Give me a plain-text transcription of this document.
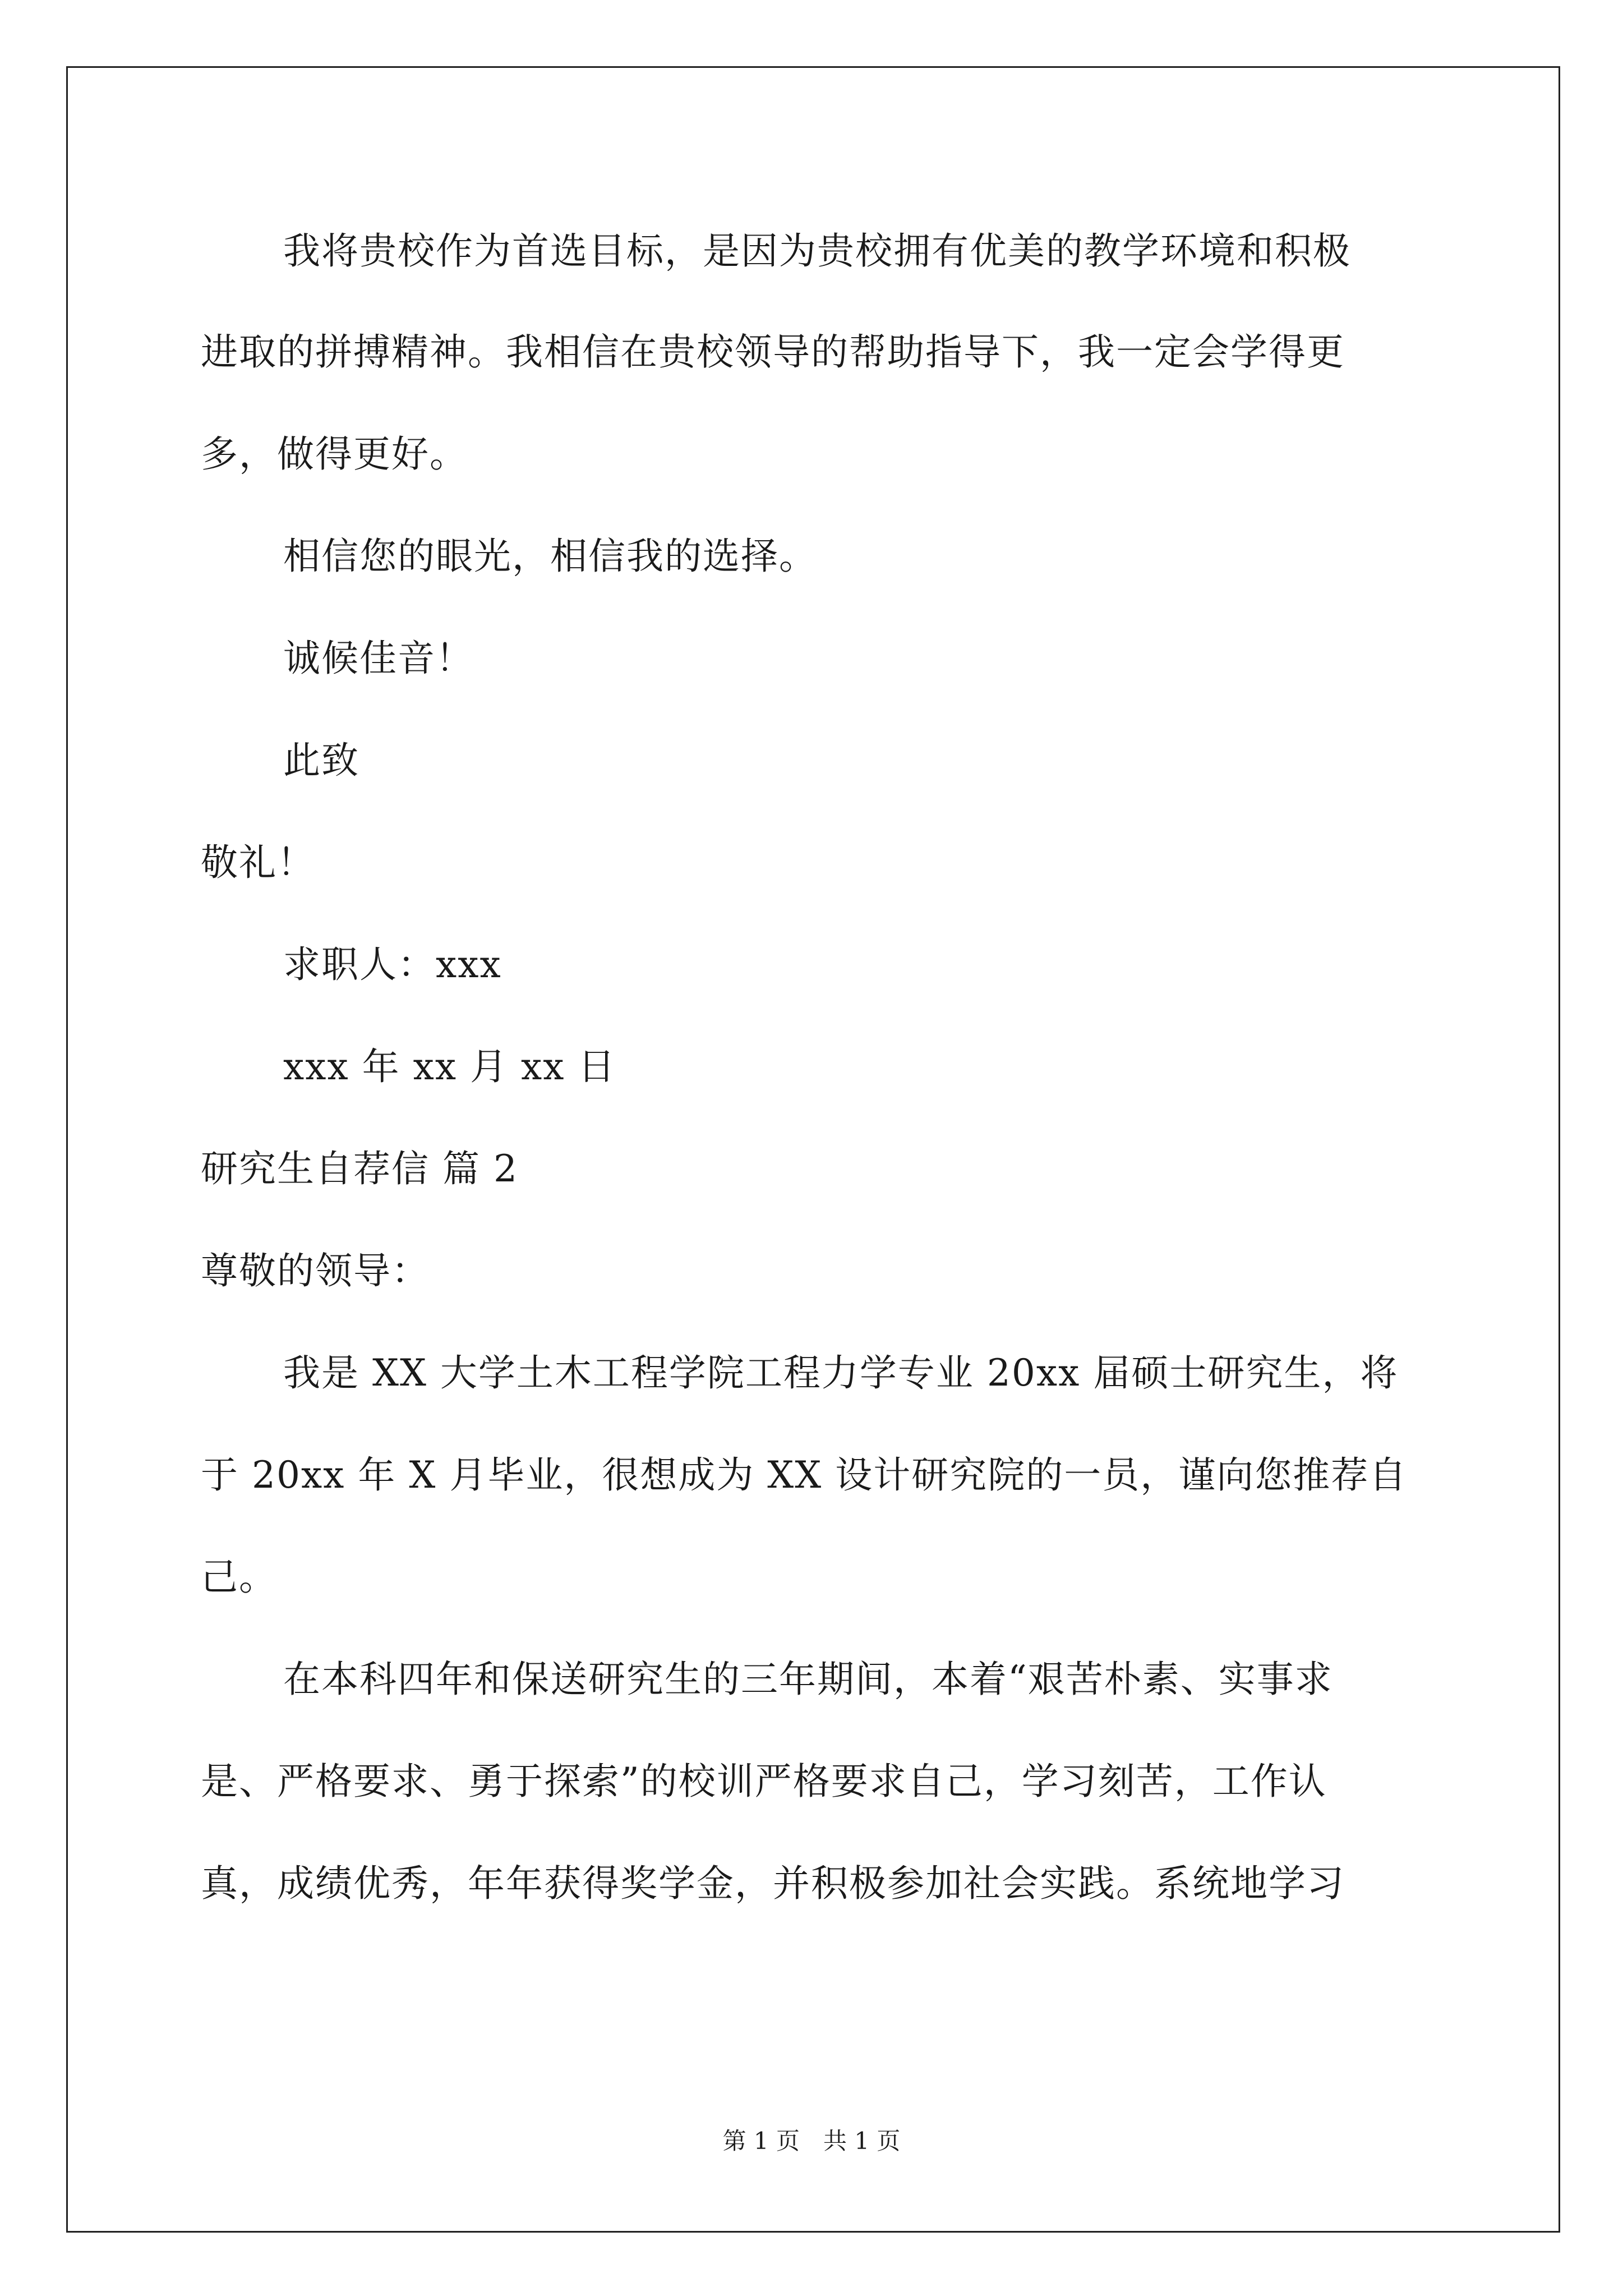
我将贵校作为首选目标，是因为贵校拥有优美的教学环境和积极
进取的拼搏精神。我相信在贵校领导的帮助指导下，我一定会学得更
多，做得更好。
相信您的眼光，相信我的选择。
诚候佳音！
此致
敬礼！
求职人：xxx
xxx 年 xx 月 xx 日
研究生自荐信 篇 2
尊敬的领导：
我是 XX 大学土木工程学院工程力学专业 20xx 届硕士研究生，将
于 20xx 年 X 月毕业，很想成为 XX 设计研究院的一员，谨向您推荐自
己。
在本科四年和保送研究生的三年期间，本着“艰苦朴素、实事求
是、严格要求、勇于探索”的校训严格要求自己，学习刻苦，工作认
真，成绩优秀，年年获得奖学金，并积极参加社会实践。系统地学习
第 1 页　共 1 页
